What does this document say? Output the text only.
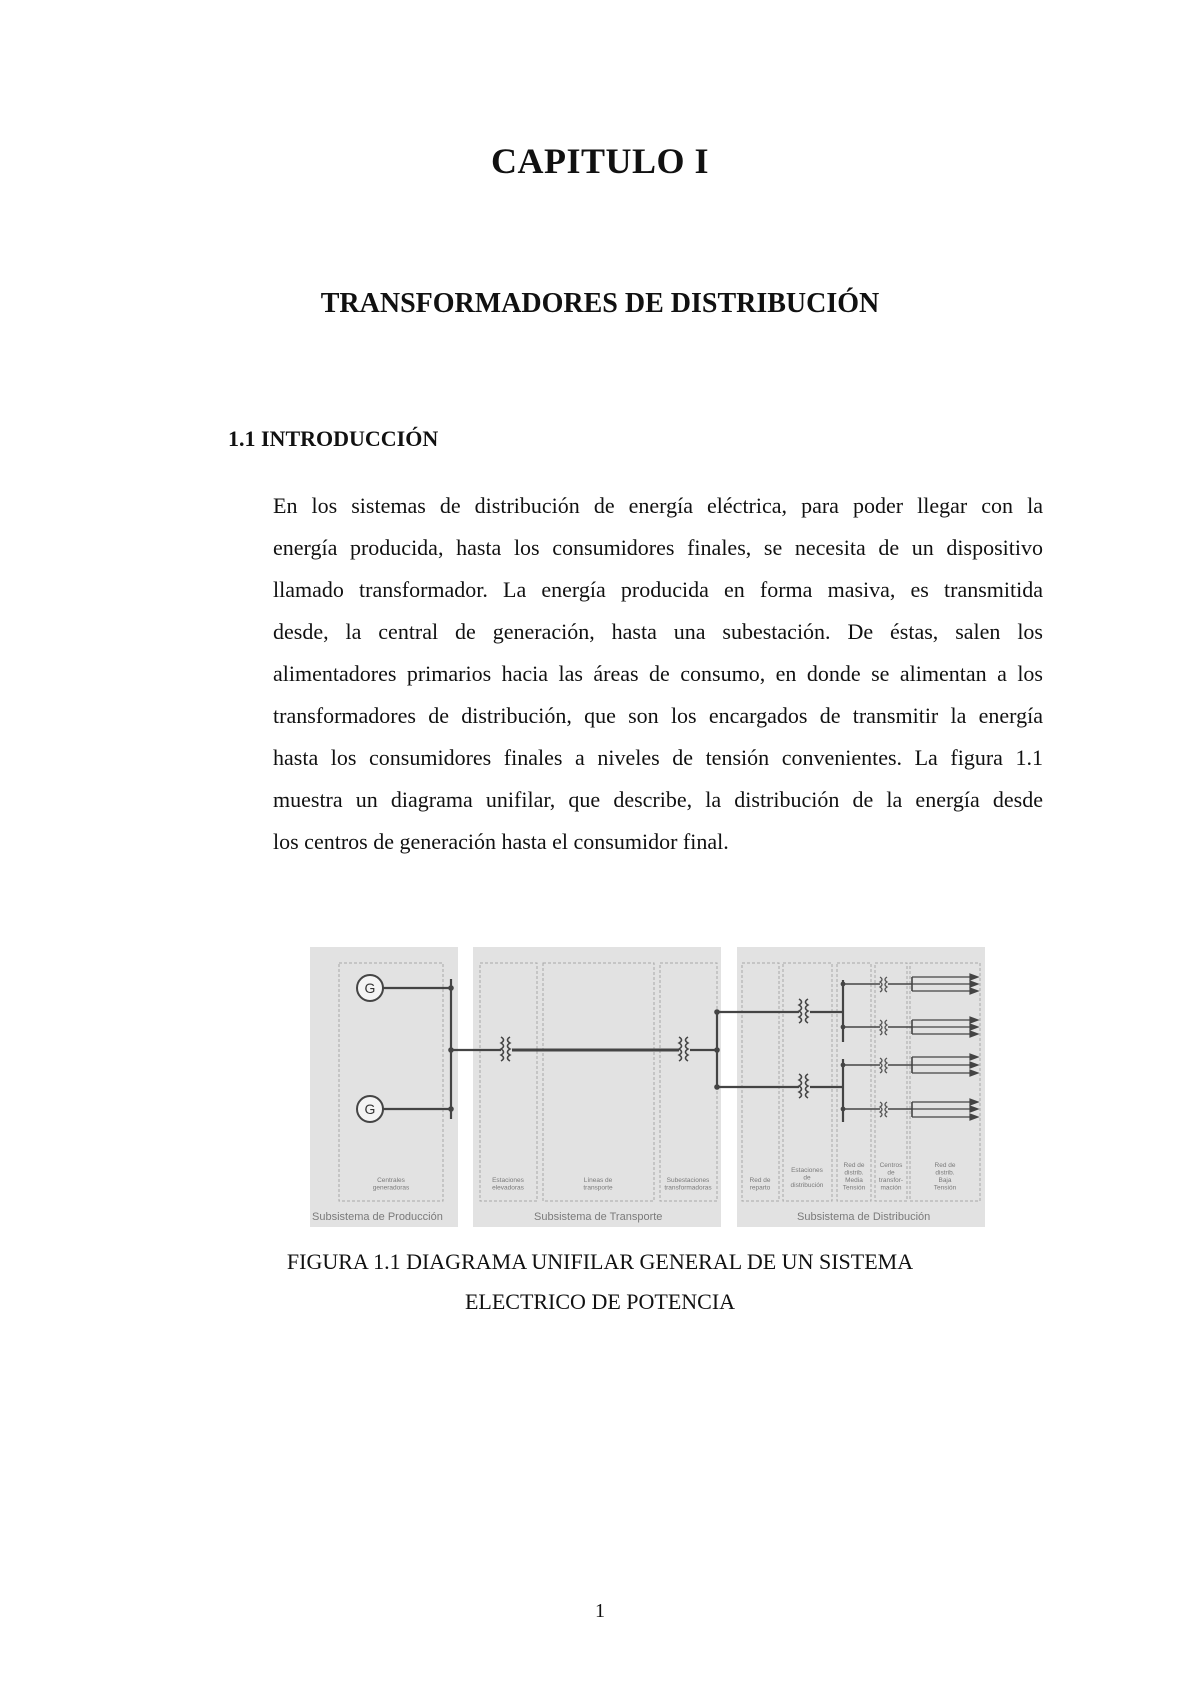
CAPITULO I
TRANSFORMADORES DE DISTRIBUCIÓN
1.1 INTRODUCCIÓN
En los sistemas de distribución de energía eléctrica, para poder llegar con la
energía producida, hasta los consumidores finales, se necesita de un dispositivo
llamado transformador. La energía producida en forma masiva, es transmitida
desde, la central de generación, hasta una subestación. De éstas, salen los
alimentadores primarios hacia las áreas de consumo, en donde se alimentan a los
transformadores de distribución, que son los encargados de transmitir la energía
hasta los consumidores finales a niveles de tensión convenientes. La figura 1.1
muestra un diagrama unifilar, que describe, la distribución de la energía desde
los centros de generación hasta el consumidor final.
G
G
Centrales generadoras
Estaciones elevadoras
Líneas de transporte
Subestaciones transformadoras
Red de reparto
Estaciones de distribución
Red de distrib. Media Tensión
Centros de transfor-mación
Red de distrib. Baja Tensión
Subsistema de Producción	Subsistema de Transporte	Subsistema de Distribución
FIGURA 1.1 DIAGRAMA UNIFILAR GENERAL DE UN SISTEMA
ELECTRICO DE POTENCIA
1
